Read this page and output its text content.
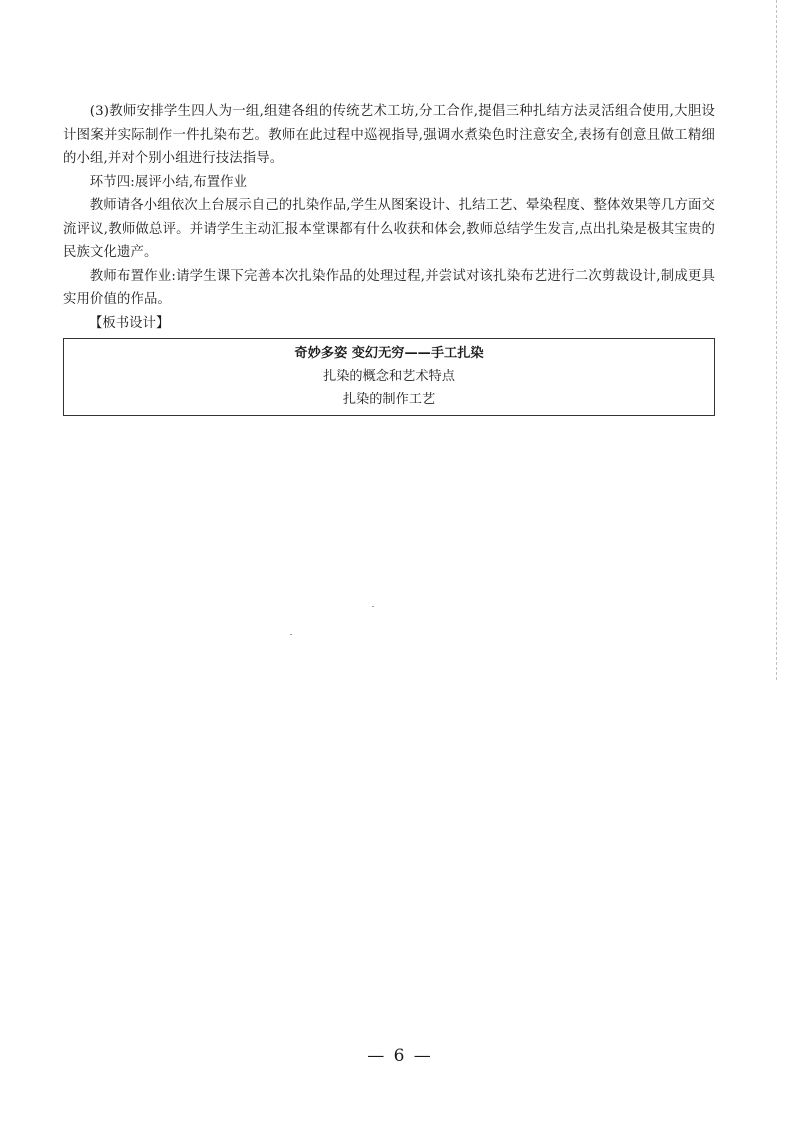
(3)教师安排学生四人为一组,组建各组的传统艺术工坊,分工合作,提倡三种扎结方法灵活组合使用,大胆设计图案并实际制作一件扎染布艺。教师在此过程中巡视指导,强调水煮染色时注意安全,表扬有创意且做工精细的小组,并对个别小组进行技法指导。

环节四:展评小结,布置作业

教师请各小组依次上台展示自己的扎染作品,学生从图案设计、扎结工艺、晕染程度、整体效果等几方面交流评议,教师做总评。并请学生主动汇报本堂课都有什么收获和体会,教师总结学生发言,点出扎染是极其宝贵的民族文化遗产。

教师布置作业:请学生课下完善本次扎染作品的处理过程,并尝试对该扎染布艺进行二次剪裁设计,制成更具实用价值的作品。

【板书设计】

奇妙多姿 变幻无穷——手工扎染

扎染的概念和艺术特点

扎染的制作工艺

— 6 —
